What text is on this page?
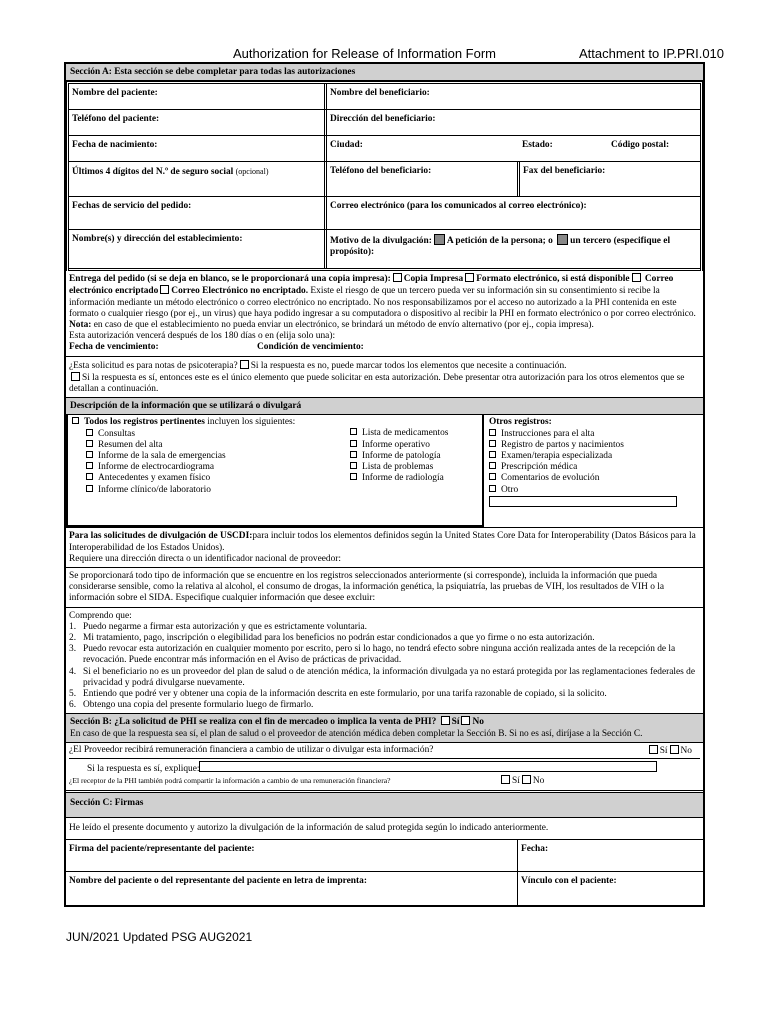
Authorization for Release of Information Form	Attachment to IP.PRI.010
Sección A: Esta sección se debe completar para todas las autorizaciones
Nombre del paciente:	Nombre del beneficiario:
Teléfono del paciente:	Dirección del beneficiario:
Fecha de nacimiento:	Ciudad:	Estado:	Código postal:
Últimos 4 dígitos del N.º de seguro social (opcional)	Teléfono del beneficiario:	Fax del beneficiario:
Fechas de servicio del pedido:	Correo electrónico (para los comunicados al correo electrónico):
Nombre(s) y dirección del establecimiento:	Motivo de la divulgación: A petición de la persona; o un tercero (especifique el propósito):

Entrega del pedido (si se deja en blanco, se le proporcionará una copia impresa): Copia Impresa Formato electrónico, si está disponible Correo electrónico encriptado Correo Electrónico no encriptado. Existe el riesgo de que un tercero pueda ver su información sin su consentimiento si recibe la información mediante un método electrónico o correo electrónico no encriptado. No nos responsabilizamos por el acceso no autorizado a la PHI contenida en este formato o cualquier riesgo (por ej., un virus) que haya podido ingresar a su computadora o dispositivo al recibir la PHI en formato electrónico o por correo electrónico. Nota: en caso de que el establecimiento no pueda enviar un electrónico, se brindará un método de envío alternativo (por ej., copia impresa).

Esta autorización vencerá después de los 180 días o en (elija solo una):

Fecha de vencimiento:	Condición de vencimiento:

¿Esta solicitud es para notas de psicoterapia? Si la respuesta es no, puede marcar todos los elementos que necesite a continuación.

Si la respuesta es sí, entonces este es el único elemento que puede solicitar en esta autorización. Debe presentar otra autorización para los otros elementos que se detallan a continuación.

Descripción de la información que se utilizará o divulgará
Todos los registros pertinentes incluyen los siguientes:
Consultas
Resumen del alta
Informe de la sala de emergencias
Informe de electrocardiograma
Antecedentes y examen físico
Informe clínico/de laboratorio
Lista de medicamentos
Informe operativo
Informe de patología
Lista de problemas
Informe de radiología
Otros registros:
Instrucciones para el alta
Registro de partos y nacimientos
Examen/terapia especializada
Prescripción médica
Comentarios de evolución
Otro

Para las solicitudes de divulgación de USCDI:para incluir todos los elementos definidos según la United States Core Data for Interoperability (Datos Básicos para la Interoperabilidad de los Estados Unidos).

Requiere una dirección directa o un identificador nacional de proveedor:

Se proporcionará todo tipo de información que se encuentre en los registros seleccionados anteriormente (si corresponde), incluida la información que pueda considerarse sensible, como la relativa al alcohol, el consumo de drogas, la información genética, la psiquiatría, las pruebas de VIH, los resultados de VIH o la información sobre el SIDA. Especifique cualquier información que desee excluir:

Comprendo que:

1. Puedo negarme a firmar esta autorización y que es estrictamente voluntaria.
2. Mi tratamiento, pago, inscripción o elegibilidad para los beneficios no podrán estar condicionados a que yo firme o no esta autorización.
3. Puedo revocar esta autorización en cualquier momento por escrito, pero si lo hago, no tendrá efecto sobre ninguna acción realizada antes de la recepción de la revocación. Puede encontrar más información en el Aviso de prácticas de privacidad.
4. Si el beneficiario no es un proveedor del plan de salud o de atención médica, la información divulgada ya no estará protegida por las reglamentaciones federales de privacidad y podrá divulgarse nuevamente.
5. Entiendo que podré ver y obtener una copia de la información descrita en este formulario, por una tarifa razonable de copiado, si la solicito.
6. Obtengo una copia del presente formulario luego de firmarlo.
Sección B: ¿La solicitud de PHI se realiza con el fin de mercadeo o implica la venta de PHI? Sí No
En caso de que la respuesta sea sí, el plan de salud o el proveedor de atención médica deben completar la Sección B. Si no es así, diríjase a la Sección C.
¿El Proveedor recibirá remuneración financiera a cambio de utilizar o divulgar esta información?	Sí No
Si la respuesta es sí, explique:
¿El receptor de la PHI también podrá compartir la información a cambio de una remuneración financiera?	Sí No
Sección C: Firmas
He leído el presente documento y autorizo la divulgación de la información de salud protegida según lo indicado anteriormente.
Firma del paciente/representante del paciente:	Fecha:
Nombre del paciente o del representante del paciente en letra de imprenta:	Vínculo con el paciente:
JUN/2021 Updated PSG AUG2021
